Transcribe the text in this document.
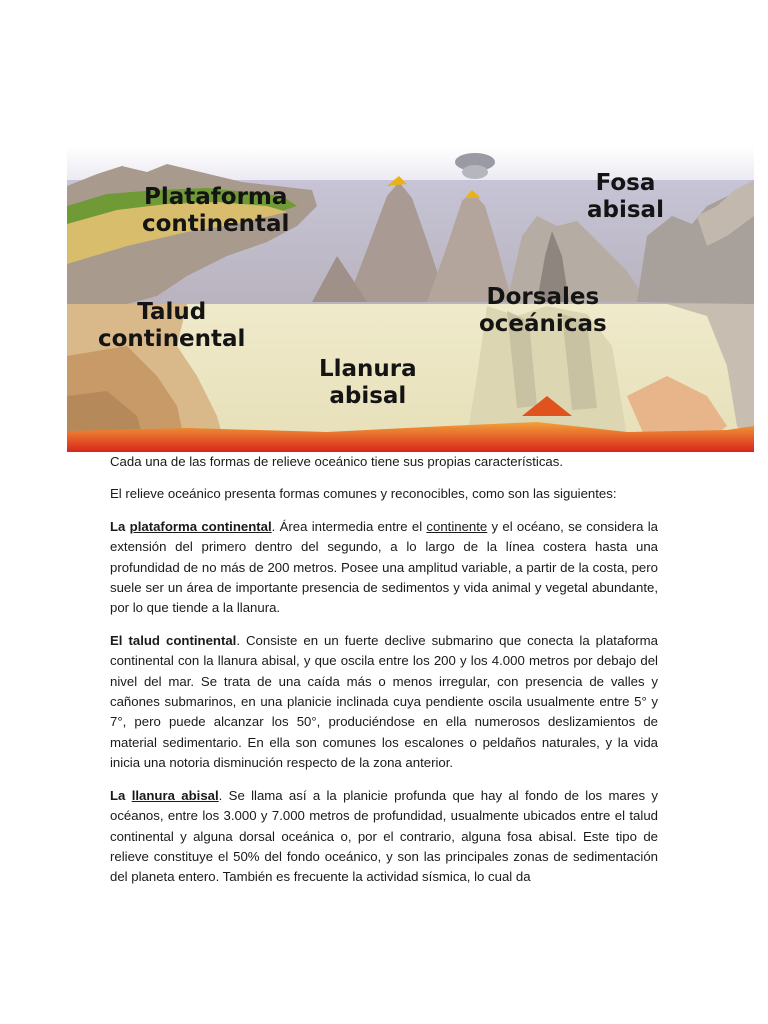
Plataforma
continental
Fosa
abisal
Talud
continental
Dorsales
oceánicas
Llanura
abisal

Cada una de las formas de relieve oceánico tiene sus propias características.

El relieve oceánico presenta formas comunes y reconocibles, como son las siguientes:

La plataforma continental. Área intermedia entre el continente y el océano, se considera la extensión del primero dentro del segundo, a lo largo de la línea costera hasta una profundidad de no más de 200 metros. Posee una amplitud variable, a partir de la costa, pero suele ser un área de importante presencia de sedimentos y vida animal y vegetal abundante, por lo que tiende a la llanura.

El talud continental. Consiste en un fuerte declive submarino que conecta la plataforma continental con la llanura abisal, y que oscila entre los 200 y los 4.000 metros por debajo del nivel del mar. Se trata de una caída más o menos irregular, con presencia de valles y cañones submarinos, en una planicie inclinada cuya pendiente oscila usualmente entre 5° y 7°, pero puede alcanzar los 50°, produciéndose en ella numerosos deslizamientos de material sedimentario. En ella son comunes los escalones o peldaños naturales, y la vida inicia una notoria disminución respecto de la zona anterior.

La llanura abisal. Se llama así a la planicie profunda que hay al fondo de los mares y océanos, entre los 3.000 y 7.000 metros de profundidad, usualmente ubicados entre el talud continental y alguna dorsal oceánica o, por el contrario, alguna fosa abisal. Este tipo de relieve constituye el 50% del fondo oceánico, y son las principales zonas de sedimentación del planeta entero. También es frecuente la actividad sísmica, lo cual da
